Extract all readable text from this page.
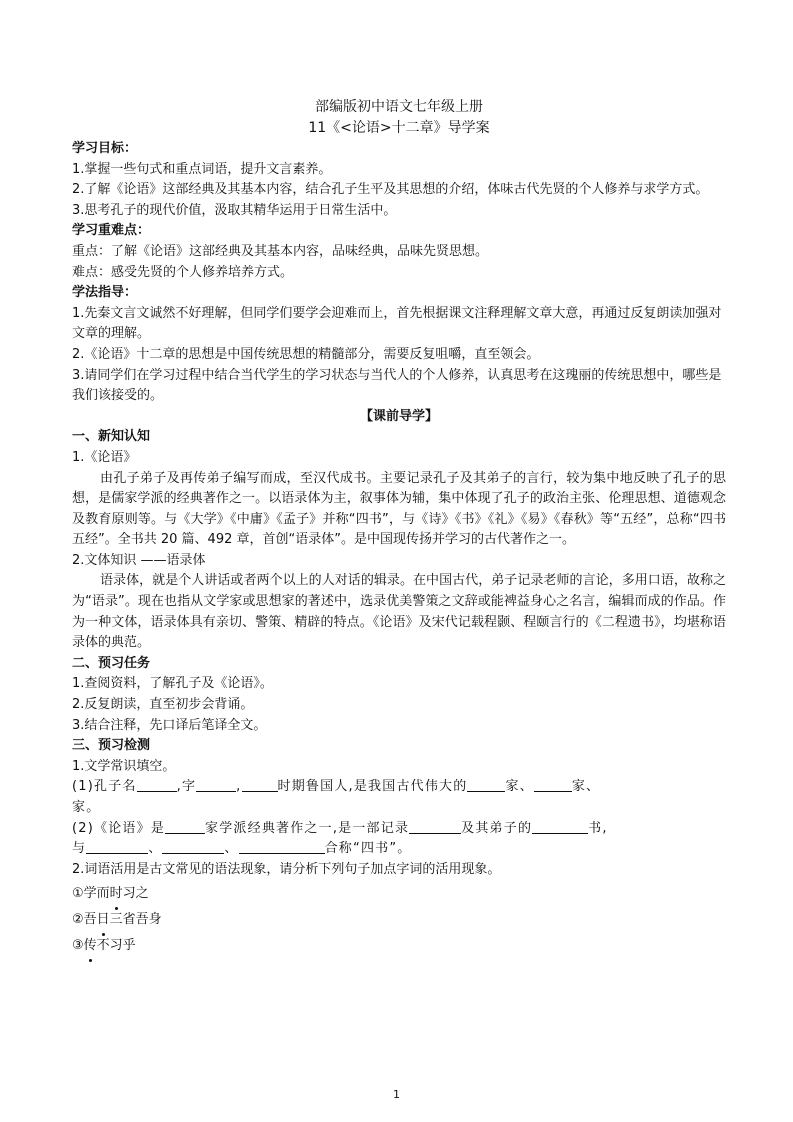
部编版初中语文七年级上册
11《<论语>十二章》导学案

学习目标：

1.掌握一些句式和重点词语，提升文言素养。

2.了解《论语》这部经典及其基本内容，结合孔子生平及其思想的介绍，体味古代先贤的个人修养与求学方式。

3.思考孔子的现代价值，汲取其精华运用于日常生活中。

学习重难点：

重点：了解《论语》这部经典及其基本内容，品味经典，品味先贤思想。

难点：感受先贤的个人修养培养方式。

学法指导：

1.先秦文言文诚然不好理解，但同学们要学会迎难而上，首先根据课文注释理解文章大意，再通过反复朗读加强对文章的理解。

2.《论语》十二章的思想是中国传统思想的精髓部分，需要反复咀嚼，直至领会。

3.请同学们在学习过程中结合当代学生的学习状态与当代人的个人修养，认真思考在这瑰丽的传统思想中，哪些是我们该接受的。

【课前导学】

一、新知认知

1.《论语》

由孔子弟子及再传弟子编写而成，至汉代成书。主要记录孔子及其弟子的言行，较为集中地反映了孔子的思想，是儒家学派的经典著作之一。以语录体为主，叙事体为辅，集中体现了孔子的政治主张、伦理思想、道德观念及教育原则等。与《大学》《中庸》《孟子》并称“四书”，与《诗》《书》《礼》《易》《春秋》等“五经”，总称“四书五经”。全书共 20 篇、492 章，首创“语录体”。是中国现传扬并学习的古代著作之一。

2.文体知识 ——语录体

语录体，就是个人讲话或者两个以上的人对话的辑录。在中国古代，弟子记录老师的言论，多用口语，故称之为“语录”。现在也指从文学家或思想家的著述中，选录优美警策之文辞或能裨益身心之名言，编辑而成的作品。作为一种文体，语录体具有亲切、警策、精辟的特点。《论语》及宋代记载程颢、程颐言行的《二程遗书》，均堪称语录体的典范。

二、预习任务

1.查阅资料，了解孔子及《论语》。

2.反复朗读，直至初步会背诵。

3.结合注释，先口译后笔译全文。

三、预习检测

1.文学常识填空。

(1)孔子名	,字	,	时期鲁国人,是我国古代伟大的	家、	家、
家。

(2)《论语》是	家学派经典著作之一,是一部记录	及其弟子的	书,
与	、	、	合称“四书”。

2.词语活用是古文常见的语法现象，请分析下列句子加点字词的活用现象。

①学而时习之

②吾日三省吾身

③传不习乎

1
